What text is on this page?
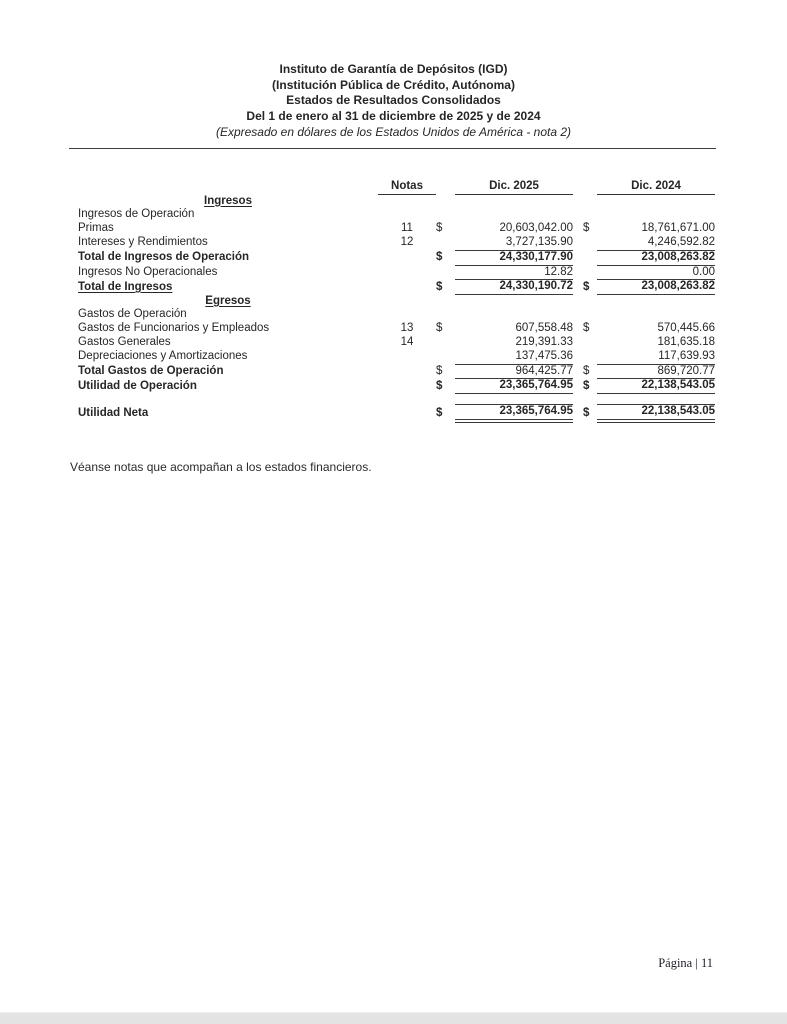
Instituto de Garantía de Depósitos (IGD)
(Institución Pública de Crédito, Autónoma)
Estados de Resultados Consolidados
Del 1 de enero al 31 de diciembre de 2025 y de 2024
(Expresado en dólares de los Estados Unidos de América - nota 2)
	Notas		Dic. 2025			Dic. 2024
Ingresos						
Ingresos de Operación						
Primas	11	$	20,603,042.00		$	18,761,671.00
Intereses y Rendimientos	12		3,727,135.90			4,246,592.82
Total de Ingresos de Operación		$	24,330,177.90			23,008,263.82
Ingresos No Operacionales			12.82			0.00
Total de Ingresos		$	24,330,190.72		$	23,008,263.82
Egresos						
Gastos de Operación						
Gastos de Funcionarios y Empleados	13	$	607,558.48		$	570,445.66
Gastos Generales	14		219,391.33			181,635.18
Depreciaciones y Amortizaciones			137,475.36			117,639.93
Total Gastos de Operación		$	964,425.77		$	869,720.77
Utilidad de Operación		$	23,365,764.95		$	22,138,543.05

Utilidad Neta		$	23,365,764.95		$	22,138,543.05

Véanse notas que acompañan a los estados financieros.

Página | 11
